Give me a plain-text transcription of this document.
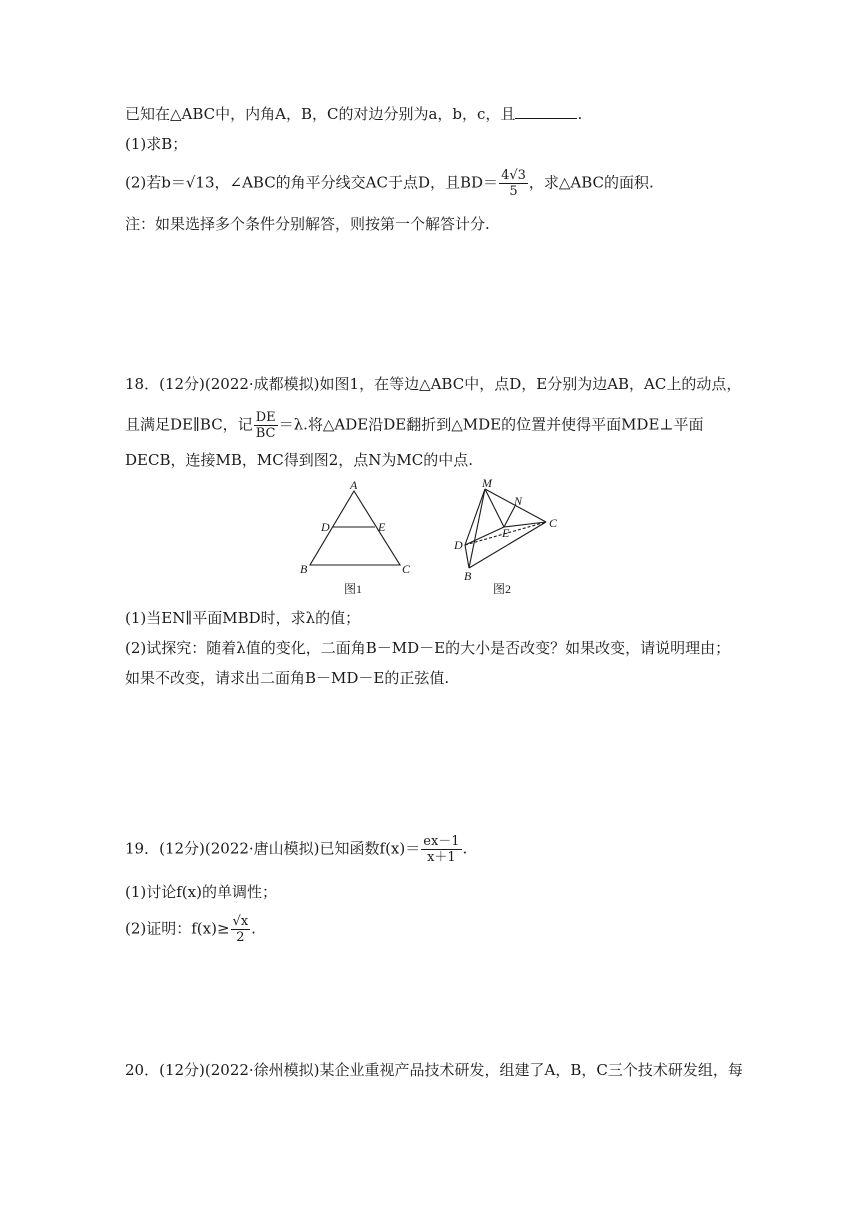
已知在△ABC中，内角A，B，C的对边分别为a，b，c，且	.
(1)求B；
(2)若b＝√13，∠ABC的角平分线交AC于点D，且$BD= \frac{4√3}{5}$ ，求△ABC的面积.
注：如果选择多个条件分别解答，则按第一个解答计分.
18．(12分)(2022·成都模拟)如图1，在等边△ABC中，点D，E分别为边AB，AC上的动点，
且满足DE∥BC，记 $\frac{DE}{BC} =\lambda$.将△ADE沿DE翻折到△MDE的位置并使得平面MDE⊥平面
DECB，连接MB，MC得到图2，点N为MC的中点.
A
B	C
D	E
图1
M
N
C
D
E
B
图2
(1)当EN∥平面MBD时，求λ的值；
(2)试探究：随着λ值的变化，二面角B－MD－E的大小是否改变？如果改变，请说明理由；
如果不改变，请求出二面角B－MD－E的正弦值.
19．(12分)(2022·唐山模拟)已知函数$f(x)= \frac{ex-1}{x+1}$ .
(1)讨论f(x)的单调性；
(2)证明：$f(x)\ge \frac{√x}{2}$ .
20．(12分)(2022·徐州模拟)某企业重视产品技术研发，组建了A，B，C三个技术研发组，每
